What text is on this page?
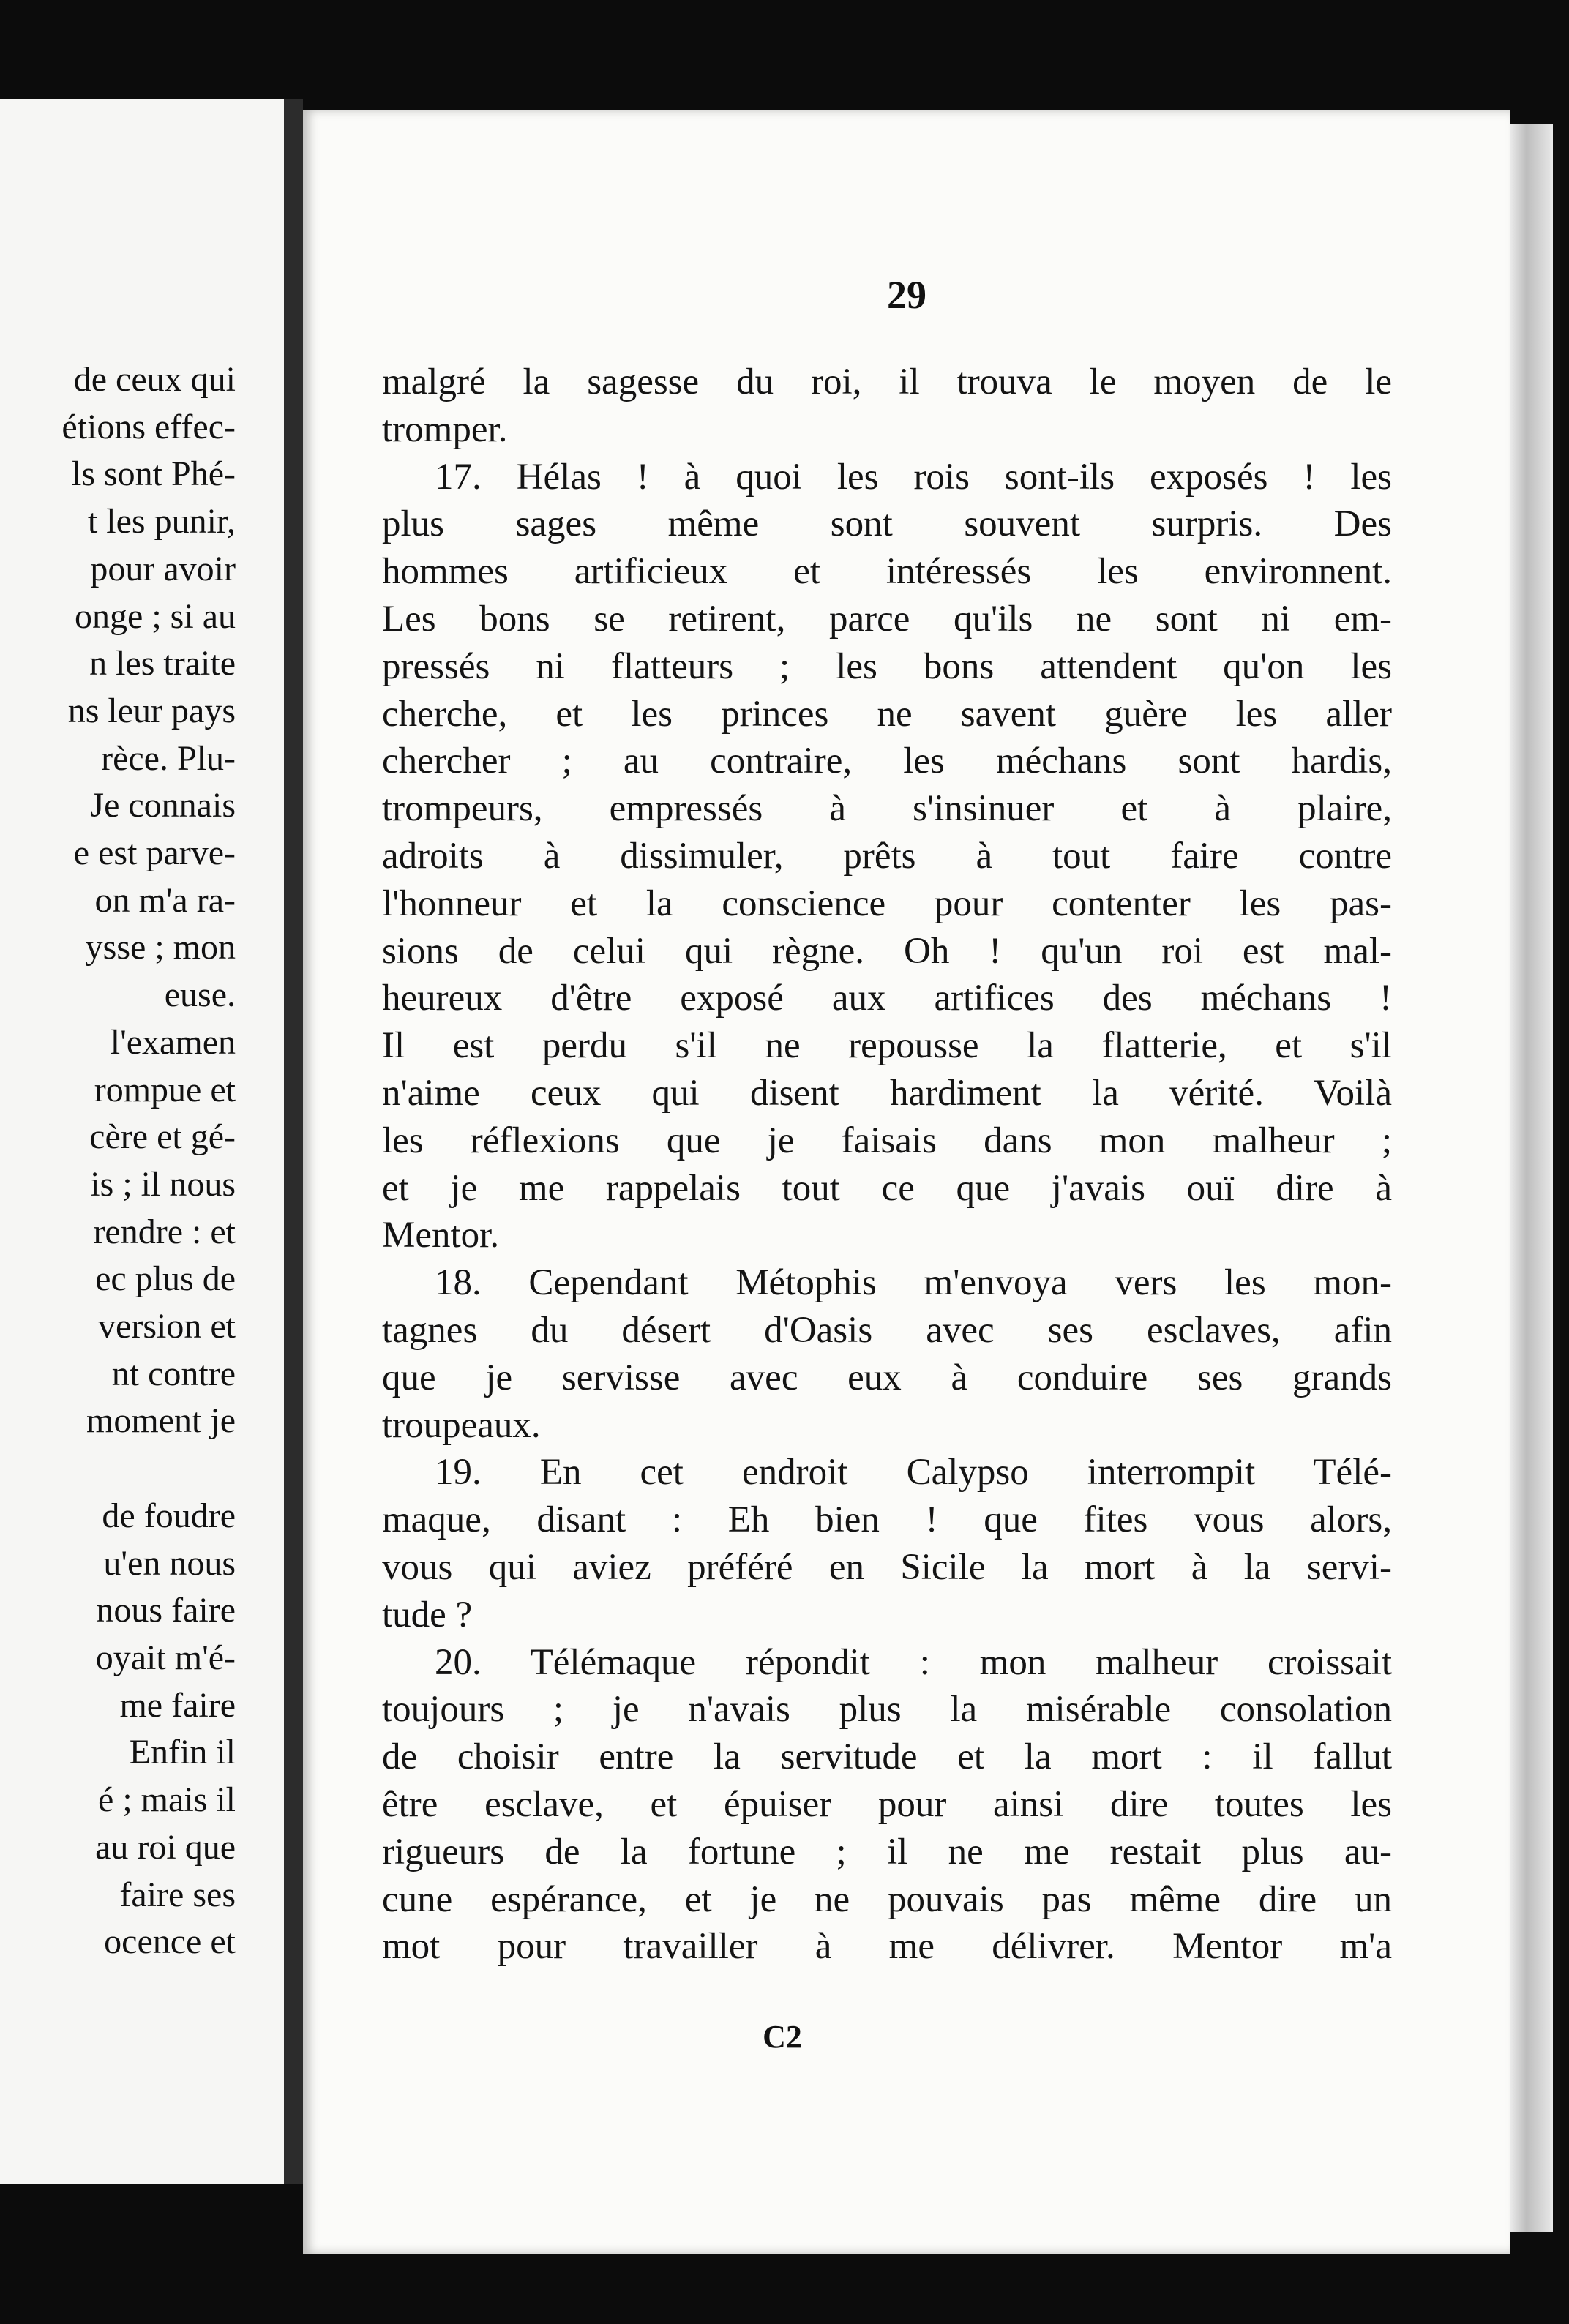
de ceux qui
étions effec-
ls sont Phé-
t les punir,
pour avoir
onge ; si au
n les traite
ns leur pays
rèce. Plu-
Je connais
e est parve-
on m'a ra-
ysse ; mon
euse.
l'examen
rompue et
cère et gé-
is ; il nous
rendre : et
ec plus de
version et
nt contre
moment je

de foudre
u'en nous
nous faire
oyait m'é-
me faire
Enfin il
é ; mais il
au roi que
faire ses
ocence et
29
malgré la sagesse du roi, il trouva le moyen de le
tromper.
17. Hélas ! à quoi les rois sont-ils exposés ! les
plus sages même sont souvent surpris. Des
hommes artificieux et intéressés les environnent.
Les bons se retirent, parce qu'ils ne sont ni em-
pressés ni flatteurs ; les bons attendent qu'on les
cherche, et les princes ne savent guère les aller
chercher ; au contraire, les méchans sont hardis,
trompeurs, empressés à s'insinuer et à plaire,
adroits à dissimuler, prêts à tout faire contre
l'honneur et la conscience pour contenter les pas-
sions de celui qui règne. Oh ! qu'un roi est mal-
heureux d'être exposé aux artifices des méchans !
Il est perdu s'il ne repousse la flatterie, et s'il
n'aime ceux qui disent hardiment la vérité. Voilà
les réflexions que je faisais dans mon malheur ;
et je me rappelais tout ce que j'avais ouï dire à
Mentor.
18. Cependant Métophis m'envoya vers les mon-
tagnes du désert d'Oasis avec ses esclaves, afin
que je servisse avec eux à conduire ses grands
troupeaux.
19. En cet endroit Calypso interrompit Télé-
maque, disant : Eh bien ! que fites vous alors,
vous qui aviez préféré en Sicile la mort à la servi-
tude ?
20. Télémaque répondit : mon malheur croissait
toujours ; je n'avais plus la misérable consolation
de choisir entre la servitude et la mort : il fallut
être esclave, et épuiser pour ainsi dire toutes les
rigueurs de la fortune ; il ne me restait plus au-
cune espérance, et je ne pouvais pas même dire un
mot pour travailler à me délivrer. Mentor m'a
C2
